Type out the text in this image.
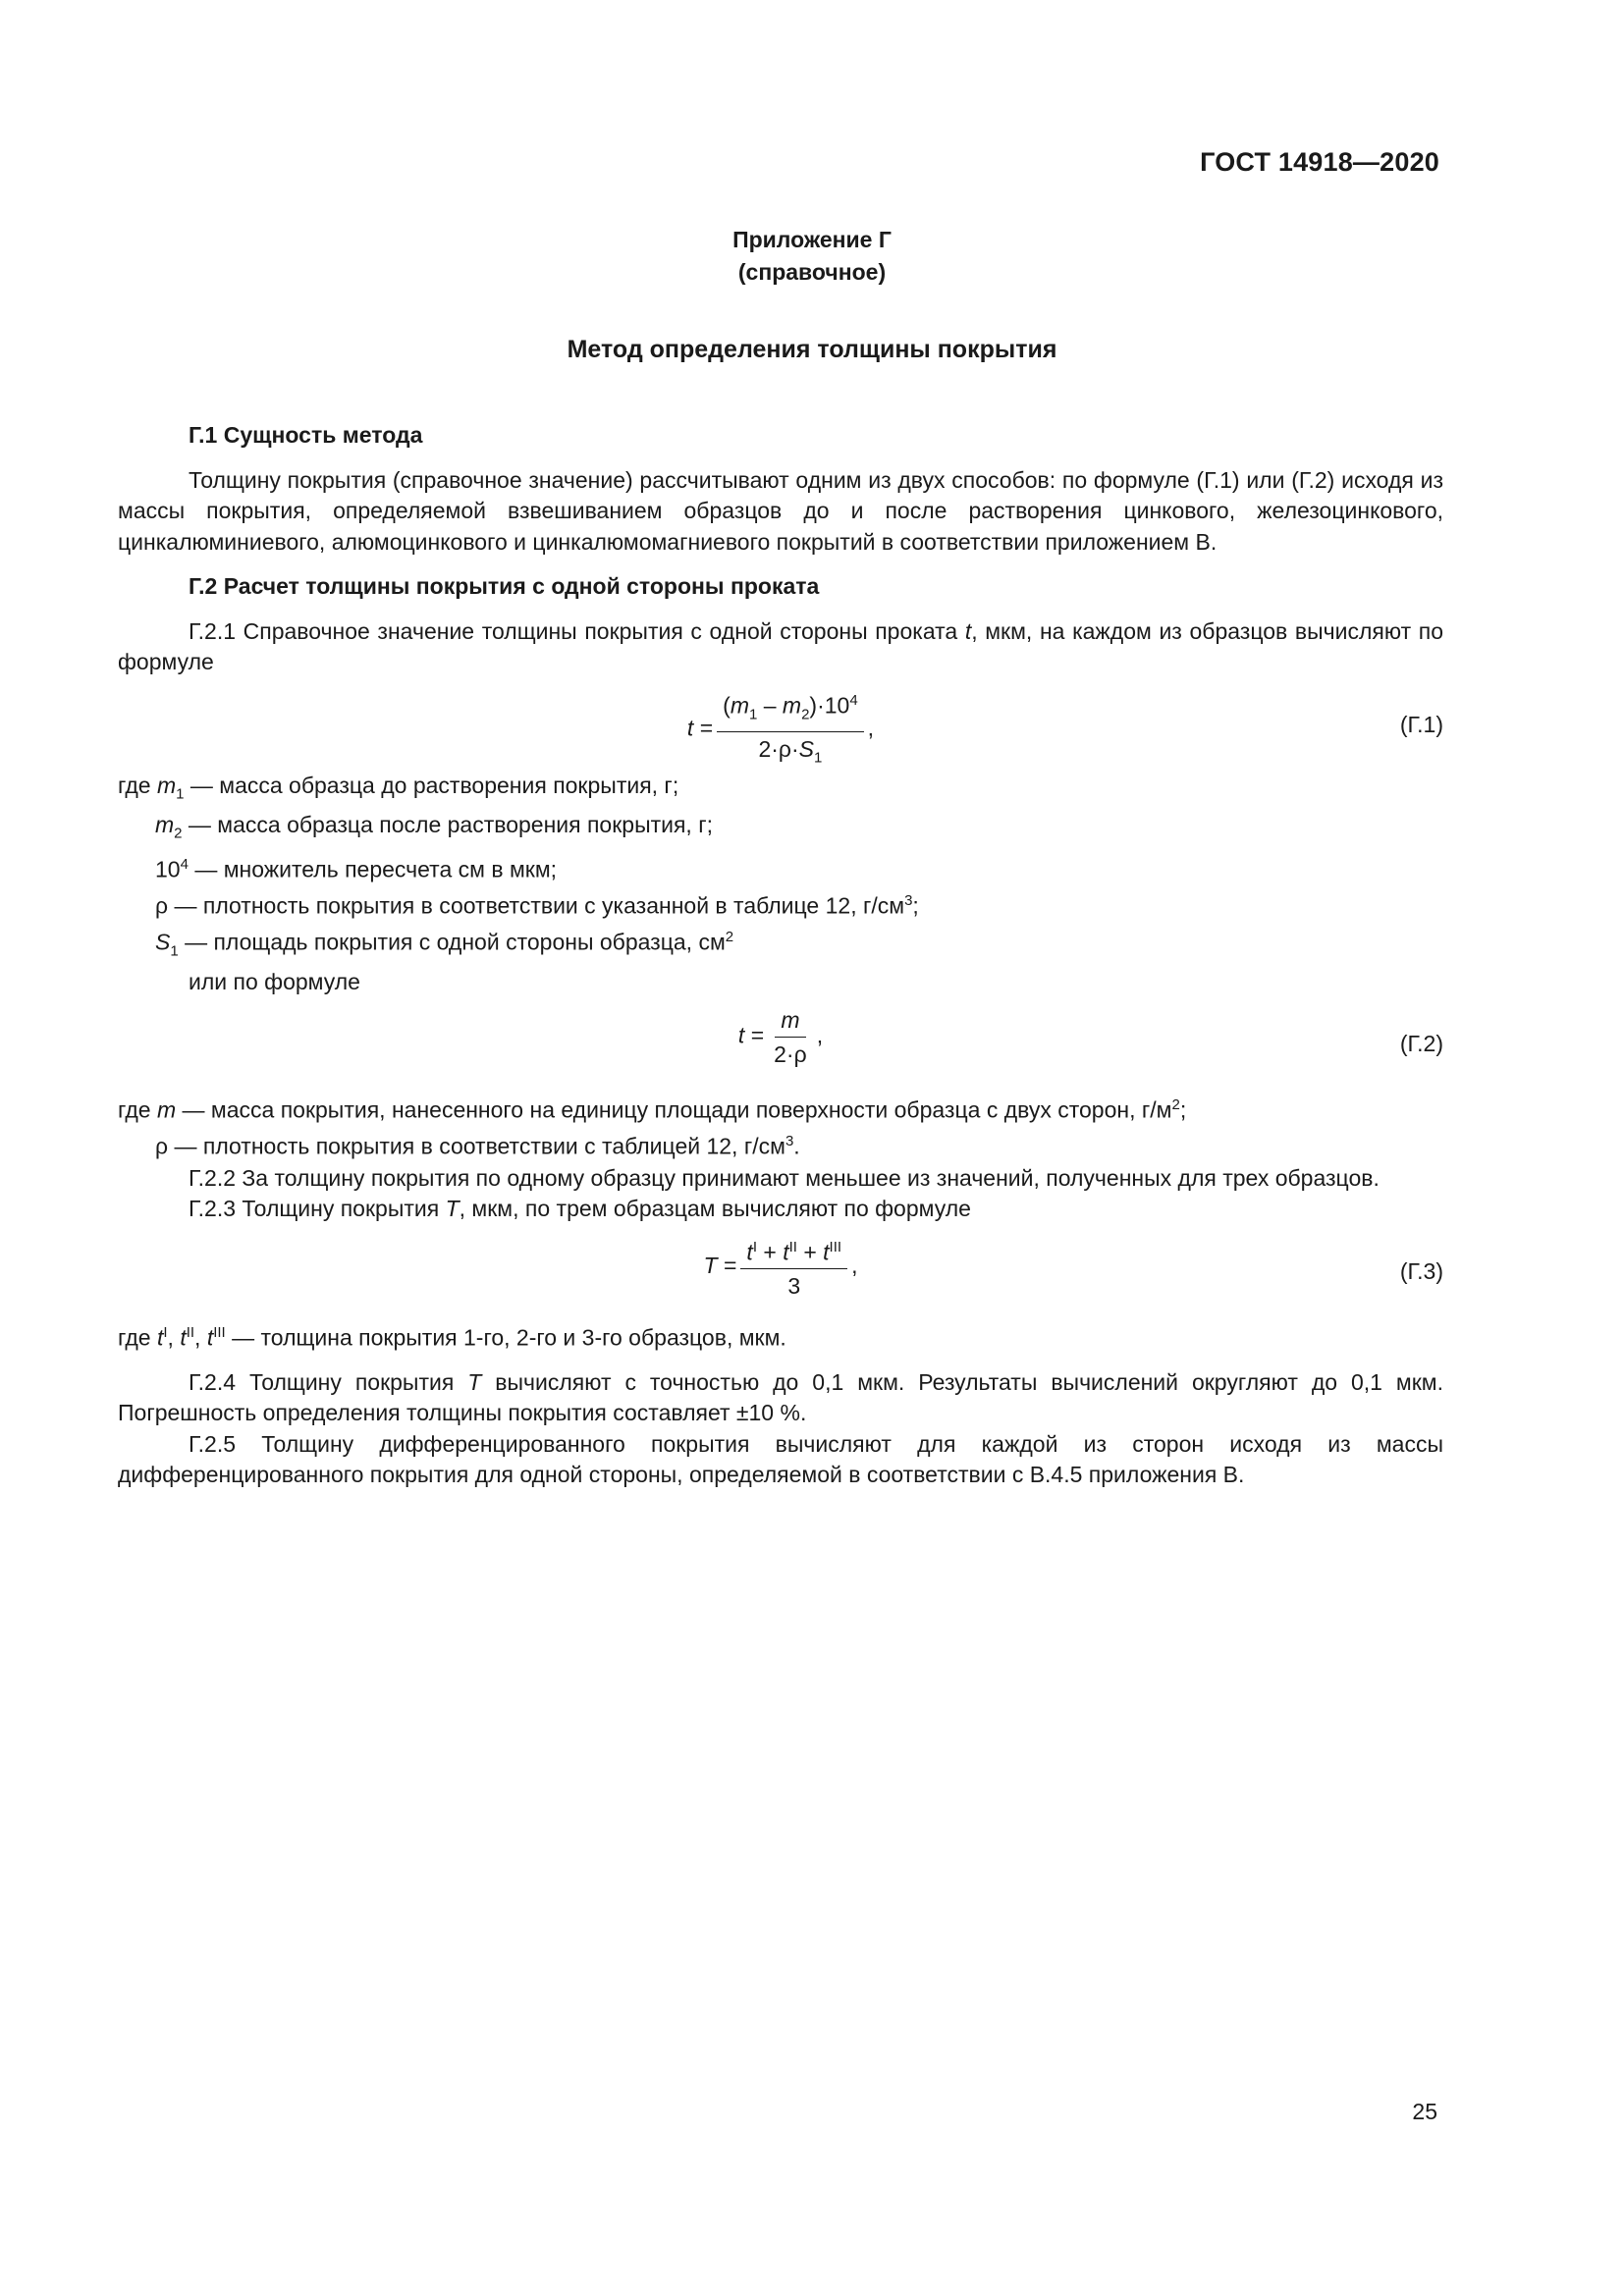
ГОСТ 14918—2020
Приложение Г
(справочное)
Метод определения толщины покрытия
Г.1 Сущность метода

Толщину покрытия (справочное значение) рассчитывают одним из двух способов: по формуле (Г.1) или (Г.2) исходя из массы покрытия, определяемой взвешиванием образцов до и после растворения цинкового, железоцинкового, цинкалюминиевого, алюмоцинкового и цинкалюмомагниевого покрытий в соответствии приложением В.

Г.2 Расчет толщины покрытия с одной стороны проката

Г.2.1 Справочное значение толщины покрытия с одной стороны проката t, мкм, на каждом из образцов вычисляют по формуле

$t = \frac{(m_1 - m_2)\cdot 10^4}{2\cdot\rho\cdot S_1}$ ,	(Г.1)
где $m_1$ — масса образца до растворения покрытия, г;
$m_2$ — масса образца после растворения покрытия, г;
$10^4$ — множитель пересчета см в мкм;
ρ — плотность покрытия в соответствии с указанной в таблице 12, $г/см^3$;
$S_1$ — площадь покрытия с одной стороны образца, $см^2$
или по формуле
$t = \frac{m}{2\cdot\rho}$ ,	(Г.2)
где m — масса покрытия, нанесенного на единицу площади поверхности образца с двух сторон, $г/м^2$;
ρ — плотность покрытия в соответствии с таблицей 12, $г/см^3$.

Г.2.2 За толщину покрытия по одному образцу принимают меньшее из значений, полученных для трех образцов.

Г.2.3 Толщину покрытия T, мкм, по трем образцам вычисляют по формуле

$T = \frac{t^I + t^{II} + t^{III}}{3}$ ,	(Г.3)
где $t^I$, $t^{II}$, $t^{III}$ — толщина покрытия 1-го, 2-го и 3-го образцов, мкм.

Г.2.4 Толщину покрытия T вычисляют с точностью до 0,1 мкм. Результаты вычислений округляют до 0,1 мкм. Погрешность определения толщины покрытия составляет ±10 %.

Г.2.5 Толщину дифференцированного покрытия вычисляют для каждой из сторон исходя из массы дифференцированного покрытия для одной стороны, определяемой в соответствии с В.4.5 приложения В.

25
